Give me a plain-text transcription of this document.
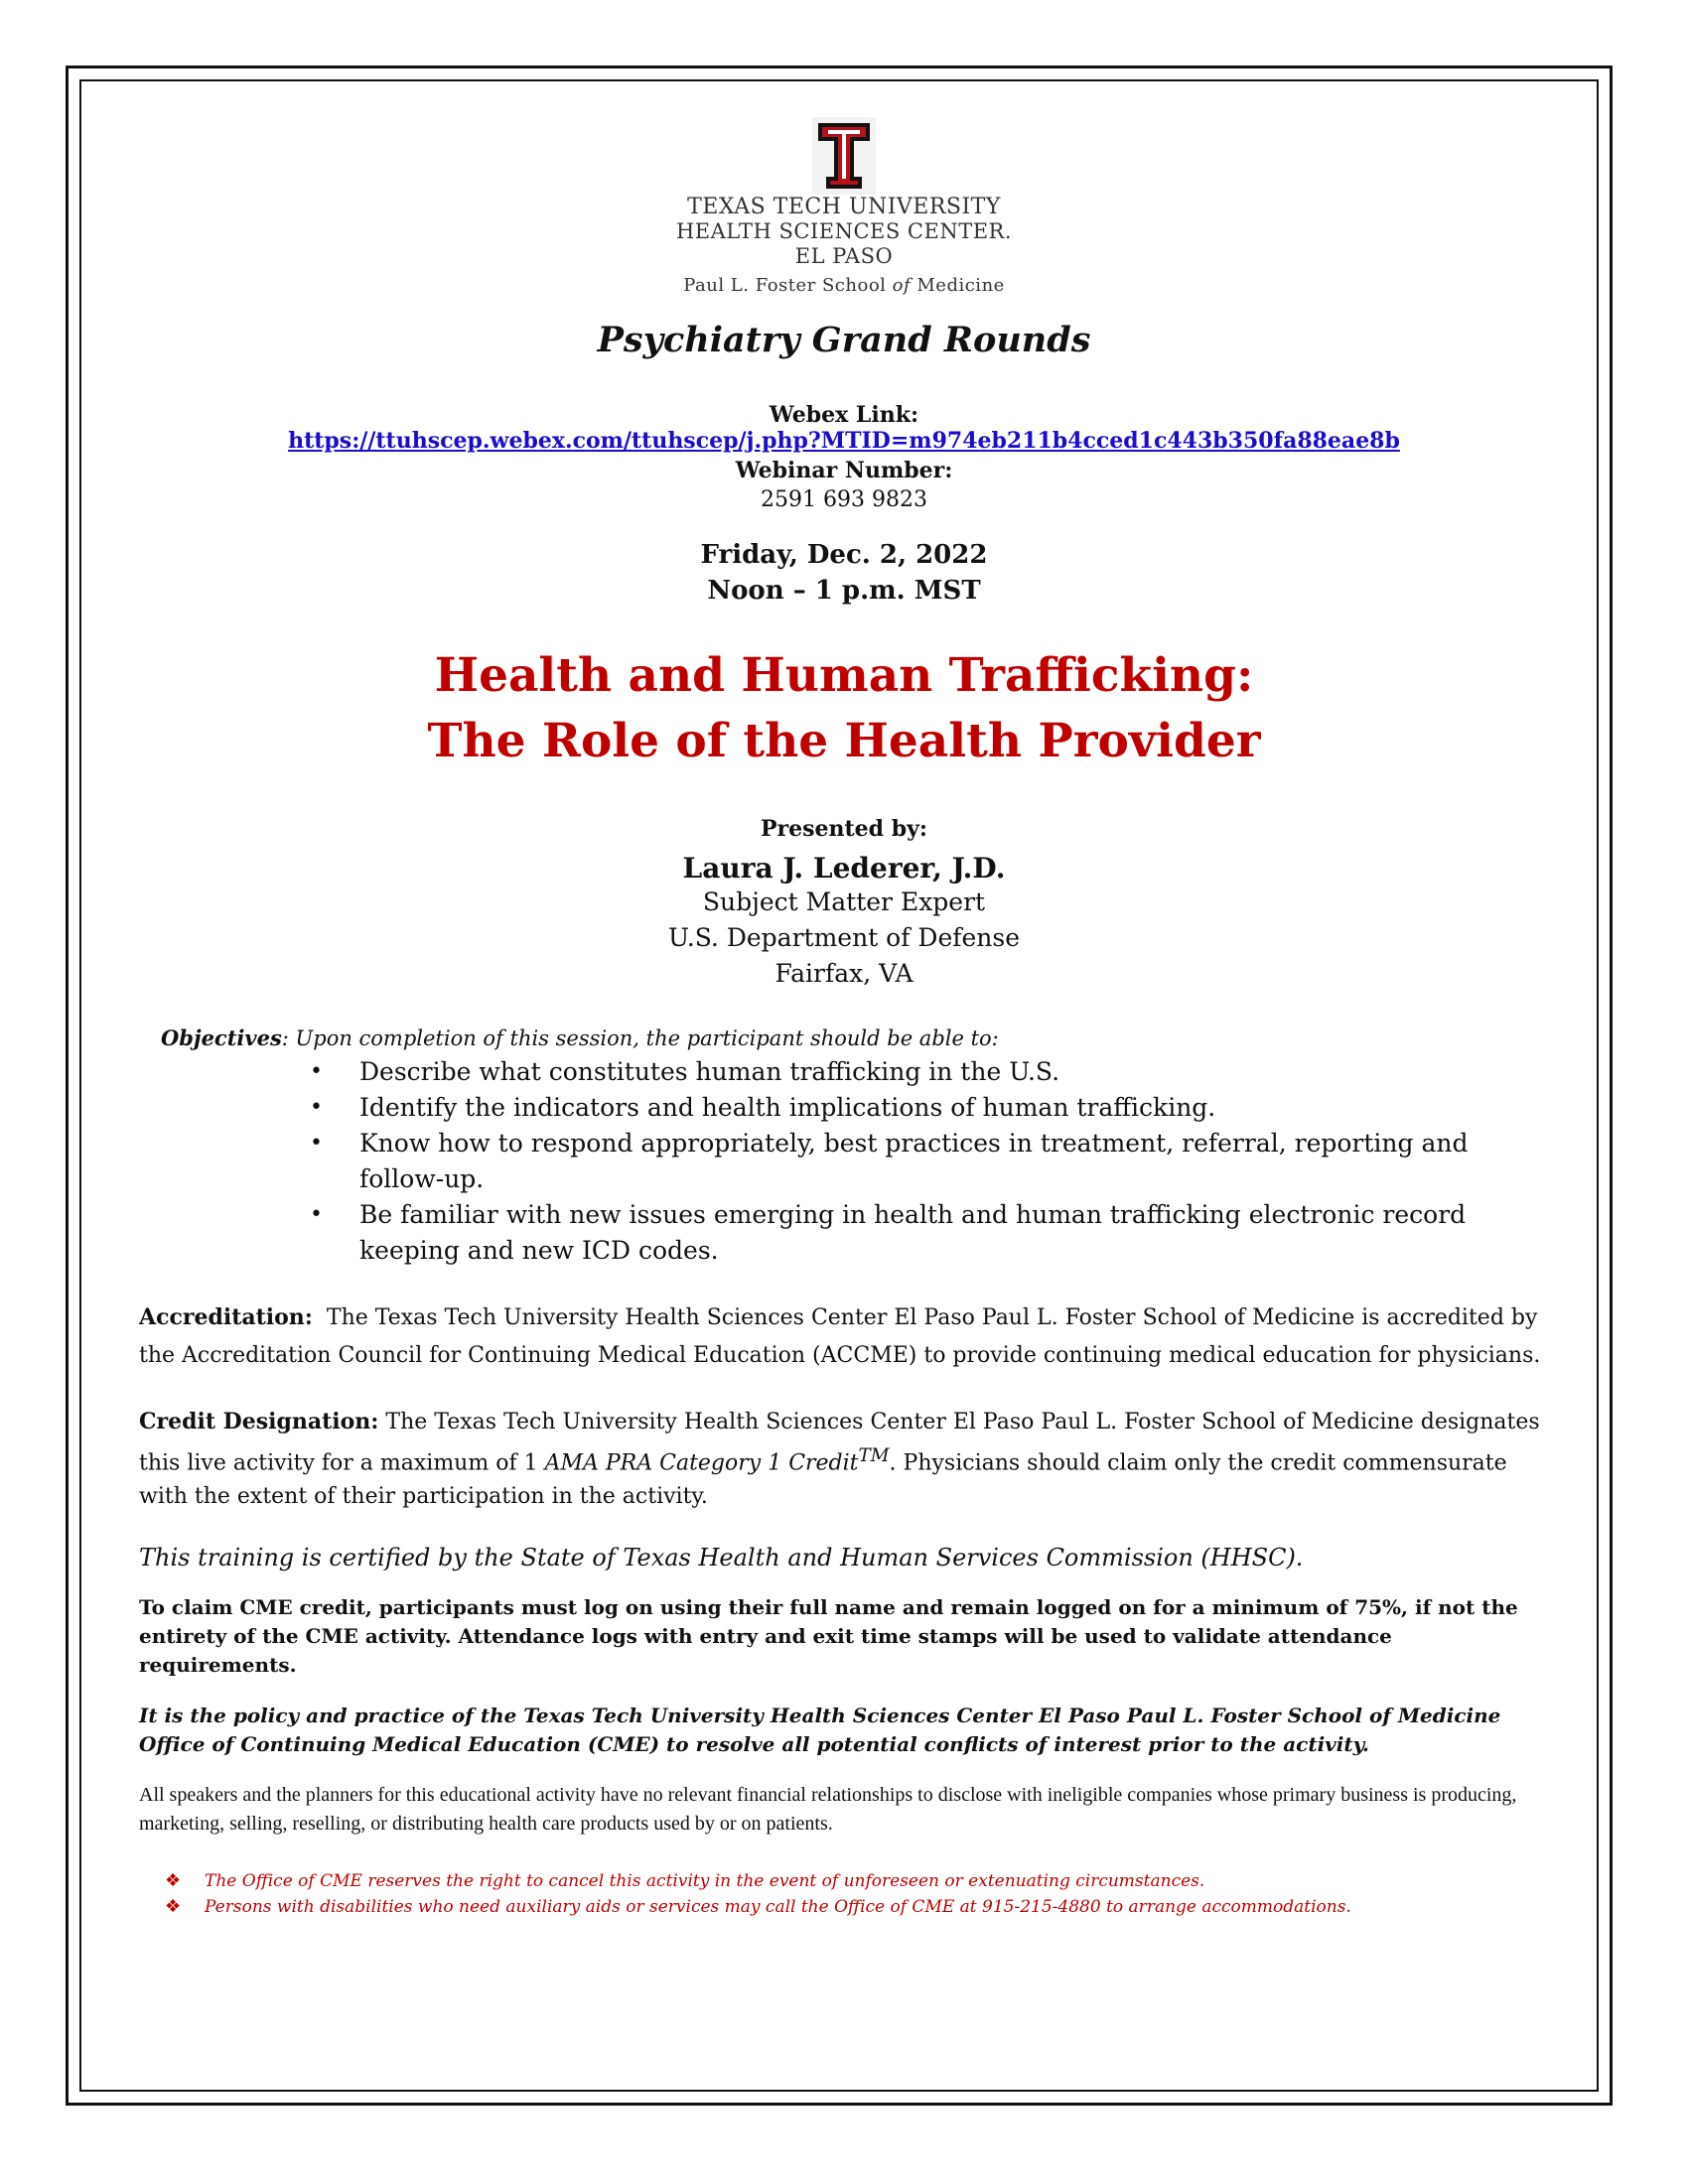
TEXAS TECH UNIVERSITY
HEALTH SCIENCES CENTER.
EL PASO
Paul L. Foster School of Medicine
Psychiatry Grand Rounds
Webex Link:
https://ttuhscep.webex.com/ttuhscep/j.php?MTID=m974eb211b4cced1c443b350fa88eae8b
Webinar Number:
2591 693 9823
Friday, Dec. 2, 2022
Noon – 1 p.m. MST
Health and Human Trafficking:
The Role of the Health Provider
Presented by:
Laura J. Lederer, J.D.
Subject Matter Expert
U.S. Department of Defense
Fairfax, VA
Objectives: Upon completion of this session, the participant should be able to:
• Describe what constitutes human trafficking in the U.S.
• Identify the indicators and health implications of human trafficking.
• Know how to respond appropriately, best practices in treatment, referral, reporting and follow-up.
• Be familiar with new issues emerging in health and human trafficking electronic record keeping and new ICD codes.
Accreditation: The Texas Tech University Health Sciences Center El Paso Paul L. Foster School of Medicine is accredited by the Accreditation Council for Continuing Medical Education (ACCME) to provide continuing medical education for physicians.
Credit Designation: The Texas Tech University Health Sciences Center El Paso Paul L. Foster School of Medicine designates this live activity for a maximum of 1 AMA PRA Category 1 Credit™. Physicians should claim only the credit commensurate with the extent of their participation in the activity.
This training is certified by the State of Texas Health and Human Services Commission (HHSC).
To claim CME credit, participants must log on using their full name and remain logged on for a minimum of 75%, if not the entirety of the CME activity. Attendance logs with entry and exit time stamps will be used to validate attendance requirements.
It is the policy and practice of the Texas Tech University Health Sciences Center El Paso Paul L. Foster School of Medicine Office of Continuing Medical Education (CME) to resolve all potential conflicts of interest prior to the activity.
All speakers and the planners for this educational activity have no relevant financial relationships to disclose with ineligible companies whose primary business is producing, marketing, selling, reselling, or distributing health care products used by or on patients.
❖ The Office of CME reserves the right to cancel this activity in the event of unforeseen or extenuating circumstances.
❖ Persons with disabilities who need auxiliary aids or services may call the Office of CME at 915-215-4880 to arrange accommodations.
